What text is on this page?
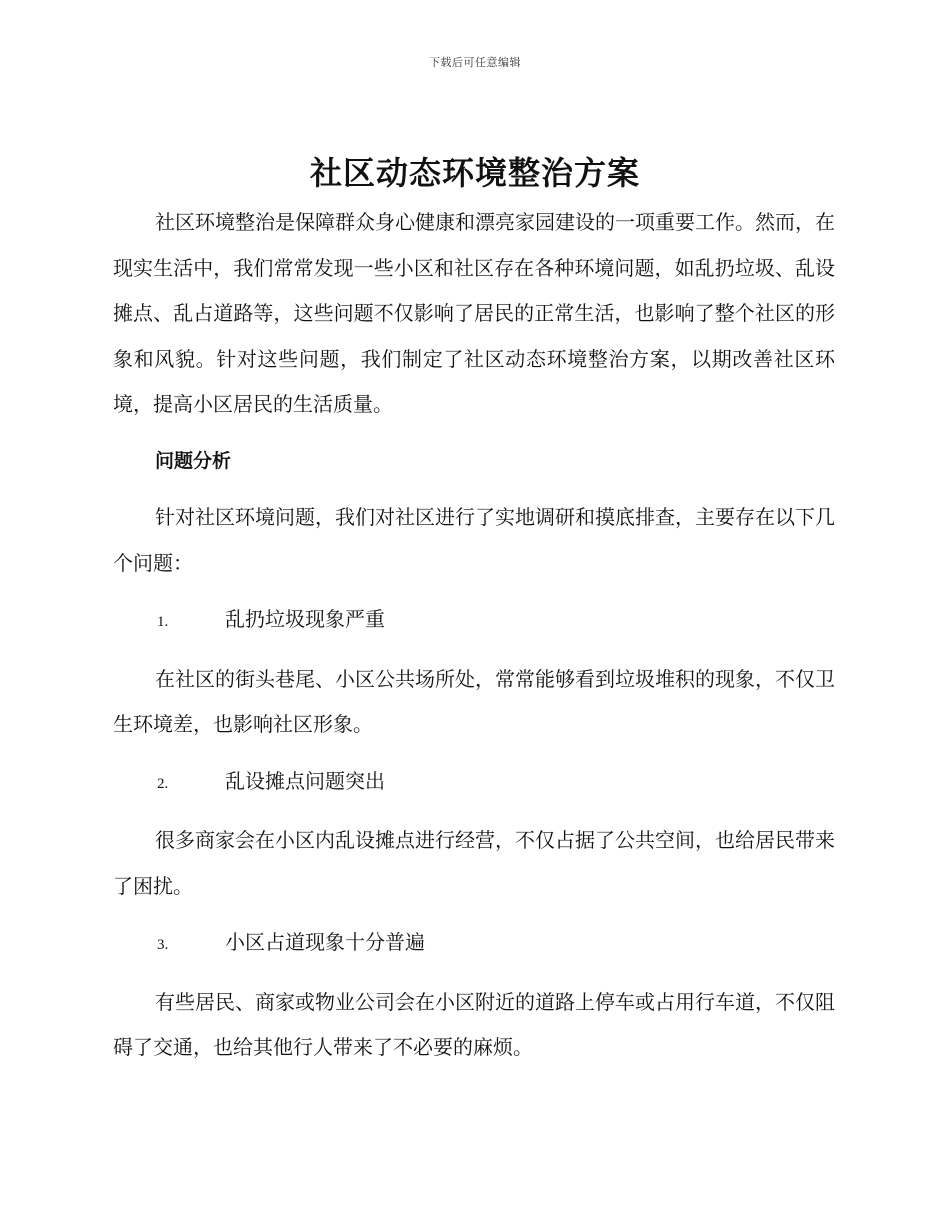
下载后可任意编辑
社区动态环境整治方案

社区环境整治是保障群众身心健康和漂亮家园建设的一项重要工作。然而，在现实生活中，我们常常发现一些小区和社区存在各种环境问题，如乱扔垃圾、乱设摊点、乱占道路等，这些问题不仅影响了居民的正常生活，也影响了整个社区的形象和风貌。针对这些问题，我们制定了社区动态环境整治方案，以期改善社区环境，提高小区居民的生活质量。

问题分析

针对社区环境问题，我们对社区进行了实地调研和摸底排查，主要存在以下几个问题：

1.	乱扔垃圾现象严重

在社区的街头巷尾、小区公共场所处，常常能够看到垃圾堆积的现象，不仅卫生环境差，也影响社区形象。

2.	乱设摊点问题突出

很多商家会在小区内乱设摊点进行经营，不仅占据了公共空间，也给居民带来了困扰。

3.	小区占道现象十分普遍

有些居民、商家或物业公司会在小区附近的道路上停车或占用行车道，不仅阻碍了交通，也给其他行人带来了不必要的麻烦。
